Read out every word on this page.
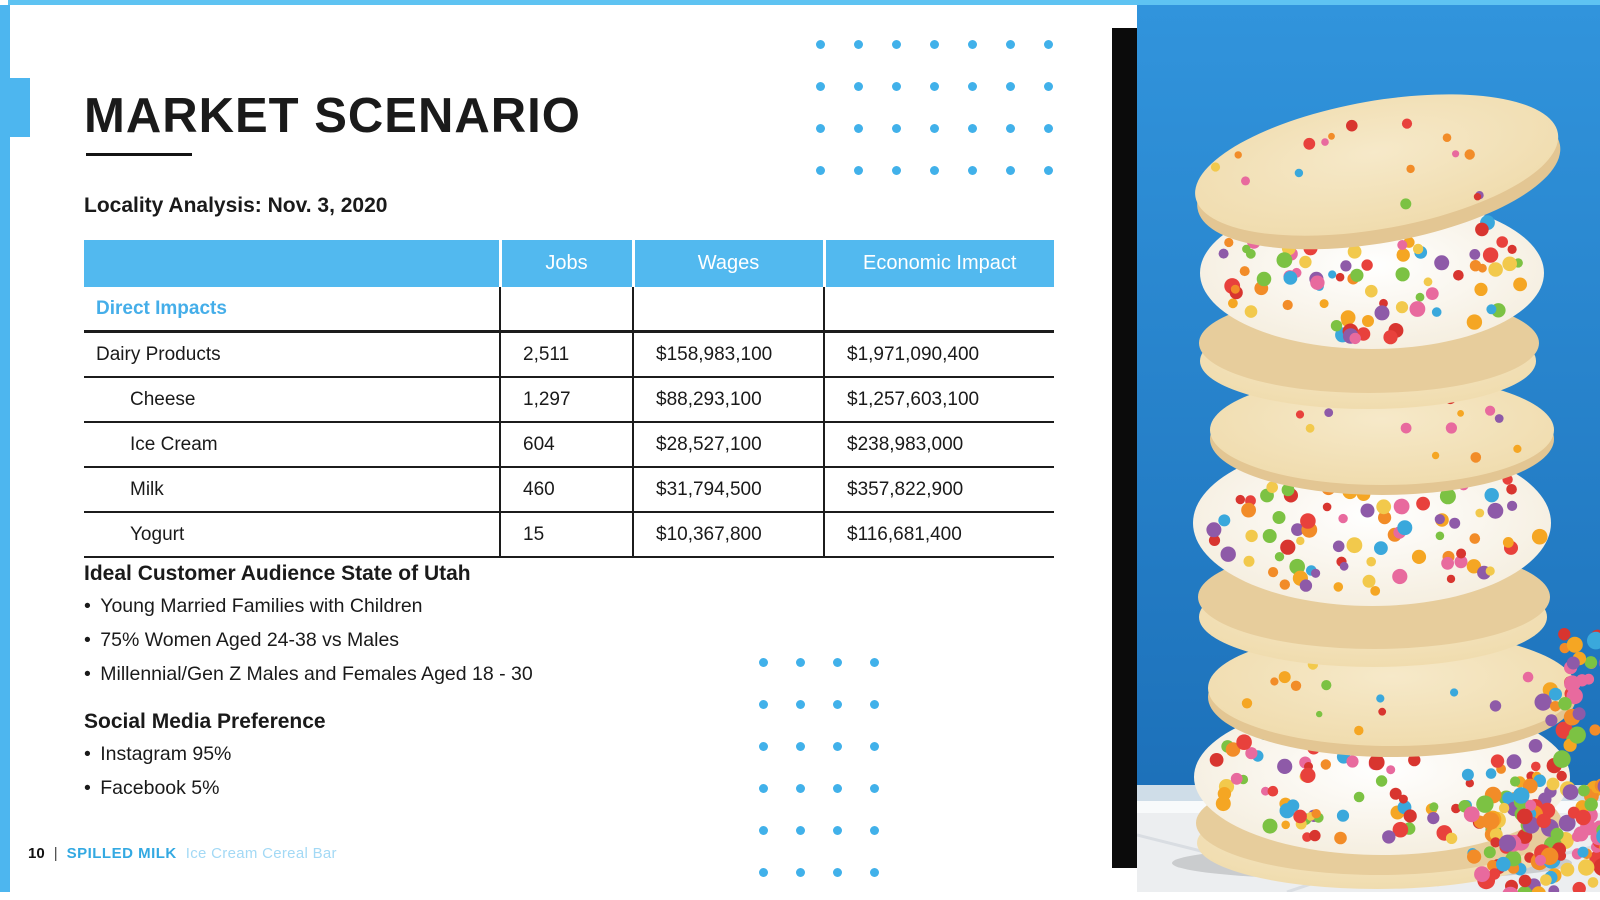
MARKET SCENARIO
Locality Analysis: Nov. 3, 2020
	Jobs	Wages	Economic Impact
Direct Impacts			
Dairy Products	2,511	$158,983,100	$1,971,090,400
Cheese	1,297	$88,293,100	$1,257,603,100
Ice Cream	604	$28,527,100	$238,983,000
Milk	460	$31,794,500	$357,822,900
Yogurt	15	$10,367,800	$116,681,400
Ideal Customer Audience State of Utah
• Young Married Families with Children
• 75% Women Aged 24-38 vs Males
• Millennial/Gen Z Males and Females Aged 18 - 30
Social Media Preference
• Instagram 95%
• Facebook 5%
10 | SPILLED MILK Ice Cream Cereal Bar
